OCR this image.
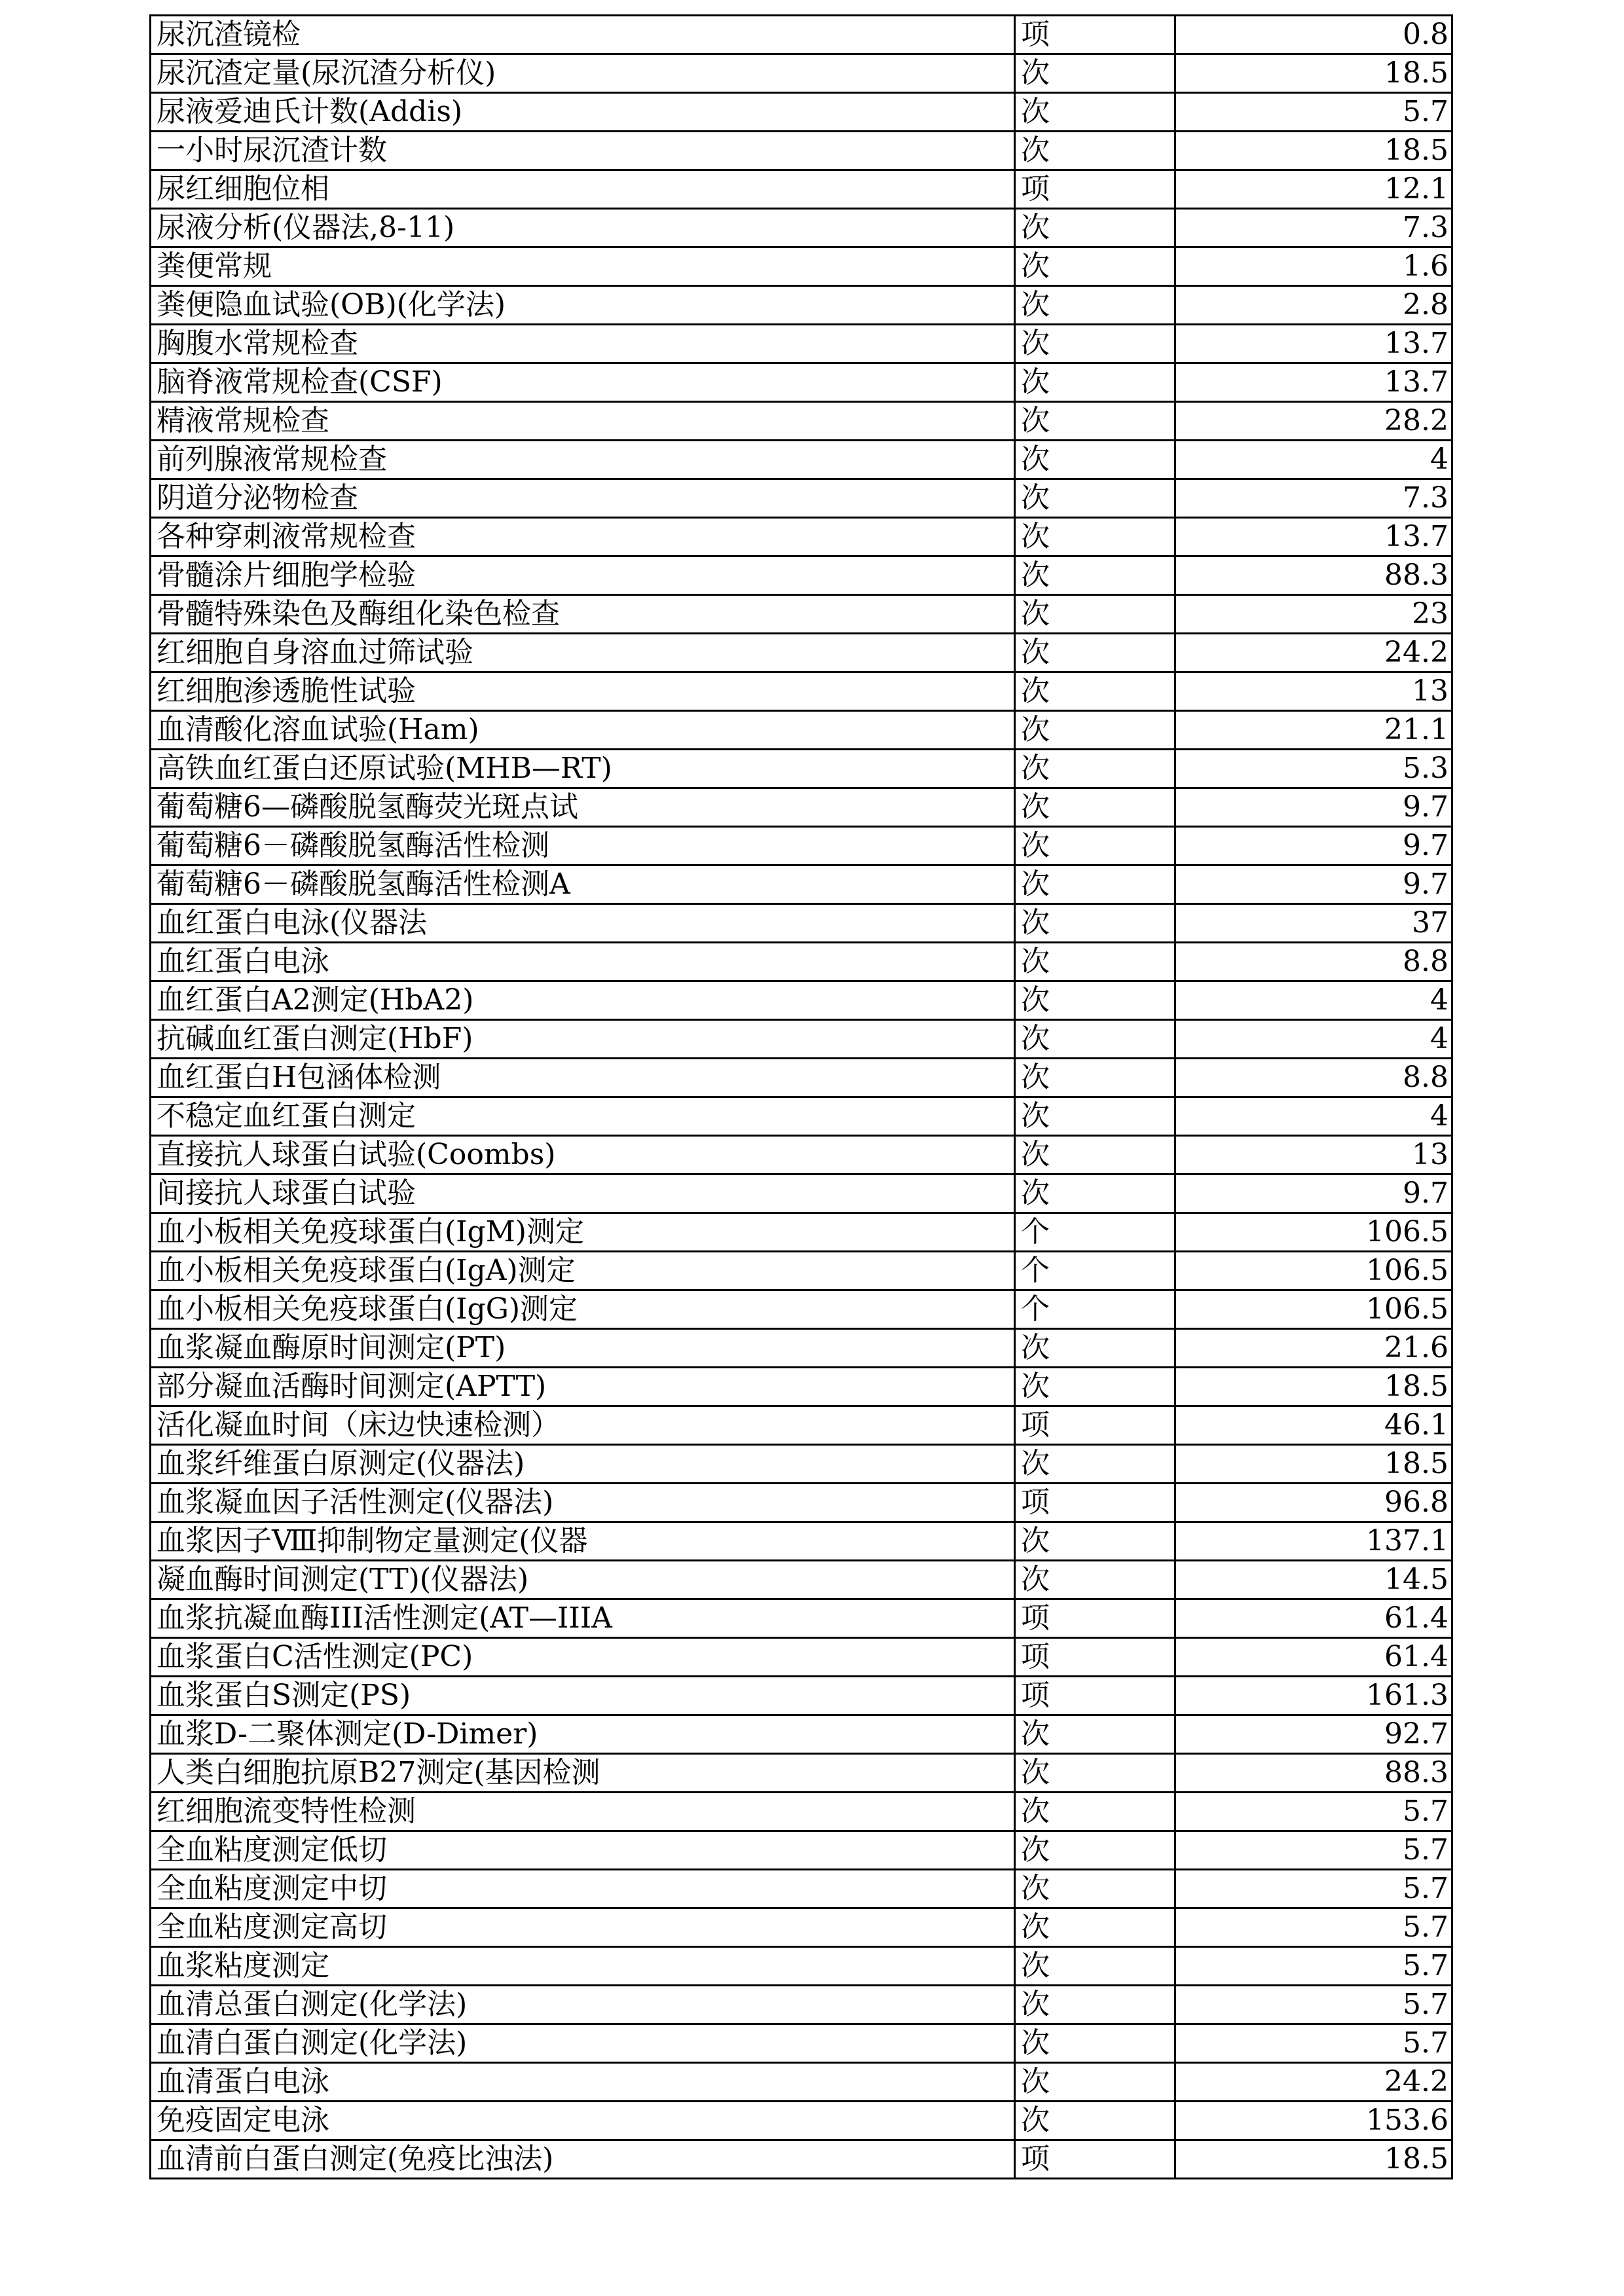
尿沉渣镜检	项	0.8
尿沉渣定量(尿沉渣分析仪)	次	18.5
尿液爱迪氏计数(Addis)	次	5.7
一小时尿沉渣计数	次	18.5
尿红细胞位相	项	12.1
尿液分析(仪器法,8-11)	次	7.3
粪便常规	次	1.6
粪便隐血试验(OB)(化学法)	次	2.8
胸腹水常规检查	次	13.7
脑脊液常规检查(CSF)	次	13.7
精液常规检查	次	28.2
前列腺液常规检查	次	4
阴道分泌物检查	次	7.3
各种穿刺液常规检查	次	13.7
骨髓涂片细胞学检验	次	88.3
骨髓特殊染色及酶组化染色检查	次	23
红细胞自身溶血过筛试验	次	24.2
红细胞渗透脆性试验	次	13
血清酸化溶血试验(Ham)	次	21.1
高铁血红蛋白还原试验(MHB—RT)	次	5.3
葡萄糖6—磷酸脱氢酶荧光斑点试	次	9.7
葡萄糖6－磷酸脱氢酶活性检测	次	9.7
葡萄糖6－磷酸脱氢酶活性检测A	次	9.7
血红蛋白电泳(仪器法	次	37
血红蛋白电泳	次	8.8
血红蛋白A2测定(HbA2)	次	4
抗碱血红蛋白测定(HbF)	次	4
血红蛋白H包涵体检测	次	8.8
不稳定血红蛋白测定	次	4
直接抗人球蛋白试验(Coombs)	次	13
间接抗人球蛋白试验	次	9.7
血小板相关免疫球蛋白(IgM)测定	个	106.5
血小板相关免疫球蛋白(IgA)测定	个	106.5
血小板相关免疫球蛋白(IgG)测定	个	106.5
血浆凝血酶原时间测定(PT)	次	21.6
部分凝血活酶时间测定(APTT)	次	18.5
活化凝血时间（床边快速检测）	项	46.1
血浆纤维蛋白原测定(仪器法)	次	18.5
血浆凝血因子活性测定(仪器法)	项	96.8
血浆因子Ⅷ抑制物定量测定(仪器	次	137.1
凝血酶时间测定(TT)(仪器法)	次	14.5
血浆抗凝血酶III活性测定(AT—IIIA	项	61.4
血浆蛋白C活性测定(PC)	项	61.4
血浆蛋白S测定(PS)	项	161.3
血浆D-二聚体测定(D-Dimer)	次	92.7
人类白细胞抗原B27测定(基因检测	次	88.3
红细胞流变特性检测	次	5.7
全血粘度测定低切	次	5.7
全血粘度测定中切	次	5.7
全血粘度测定高切	次	5.7
血浆粘度测定	次	5.7
血清总蛋白测定(化学法)	次	5.7
血清白蛋白测定(化学法)	次	5.7
血清蛋白电泳	次	24.2
免疫固定电泳	次	153.6
血清前白蛋白测定(免疫比浊法)	项	18.5
